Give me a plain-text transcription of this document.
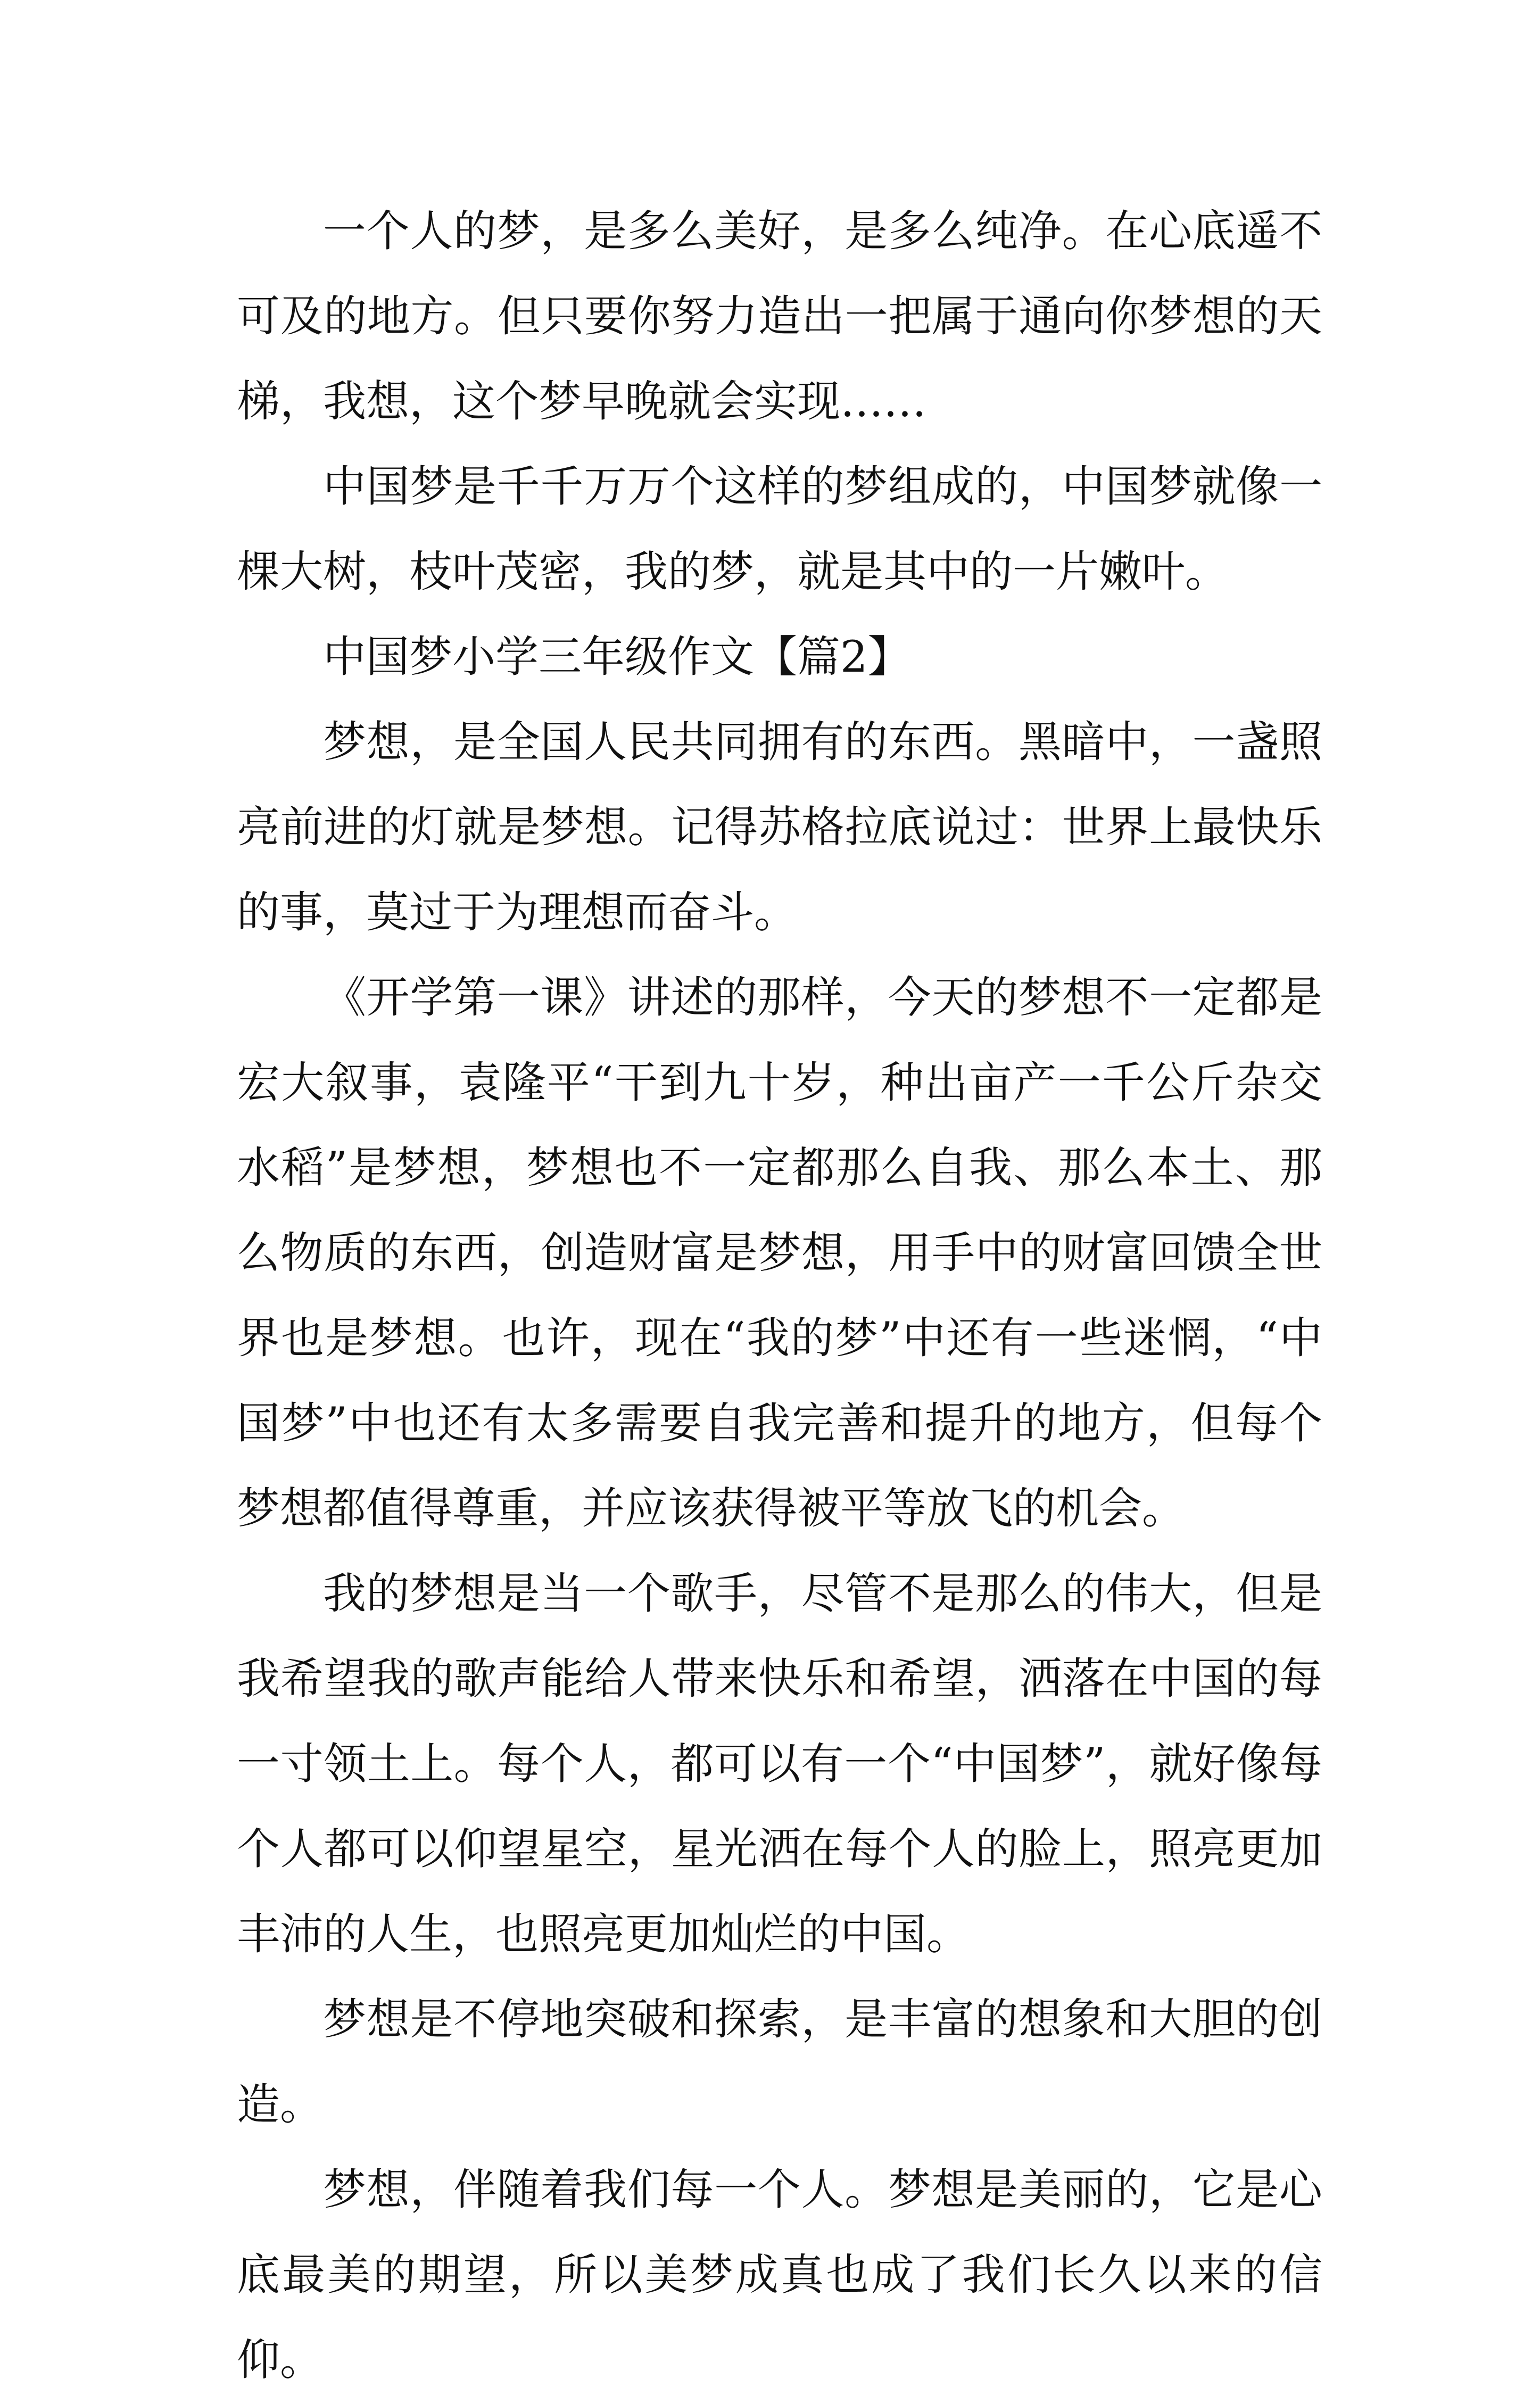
一个人的梦，是多么美好，是多么纯净。在心底遥不可及的地方。但只要你努力造出一把属于通向你梦想的天梯，我想，这个梦早晚就会实现……

中国梦是千千万万个这样的梦组成的，中国梦就像一棵大树，枝叶茂密，我的梦，就是其中的一片嫩叶。

中国梦小学三年级作文【篇2】

梦想，是全国人民共同拥有的东西。黑暗中，一盏照亮前进的灯就是梦想。记得苏格拉底说过：世界上最快乐的事，莫过于为理想而奋斗。

《开学第一课》讲述的那样，今天的梦想不一定都是宏大叙事，袁隆平“干到九十岁，种出亩产一千公斤杂交水稻”是梦想，梦想也不一定都那么自我、那么本土、那么物质的东西，创造财富是梦想，用手中的财富回馈全世界也是梦想。也许，现在“我的梦”中还有一些迷惘，“中国梦”中也还有太多需要自我完善和提升的地方，但每个梦想都值得尊重，并应该获得被平等放飞的机会。

我的梦想是当一个歌手，尽管不是那么的伟大，但是我希望我的歌声能给人带来快乐和希望，洒落在中国的每一寸领土上。每个人，都可以有一个“中国梦”，就好像每个人都可以仰望星空，星光洒在每个人的脸上，照亮更加丰沛的人生，也照亮更加灿烂的中国。

梦想是不停地突破和探索，是丰富的想象和大胆的创造。

梦想，伴随着我们每一个人。梦想是美丽的，它是心底最美的期望，所以美梦成真也成了我们长久以来的信仰。
